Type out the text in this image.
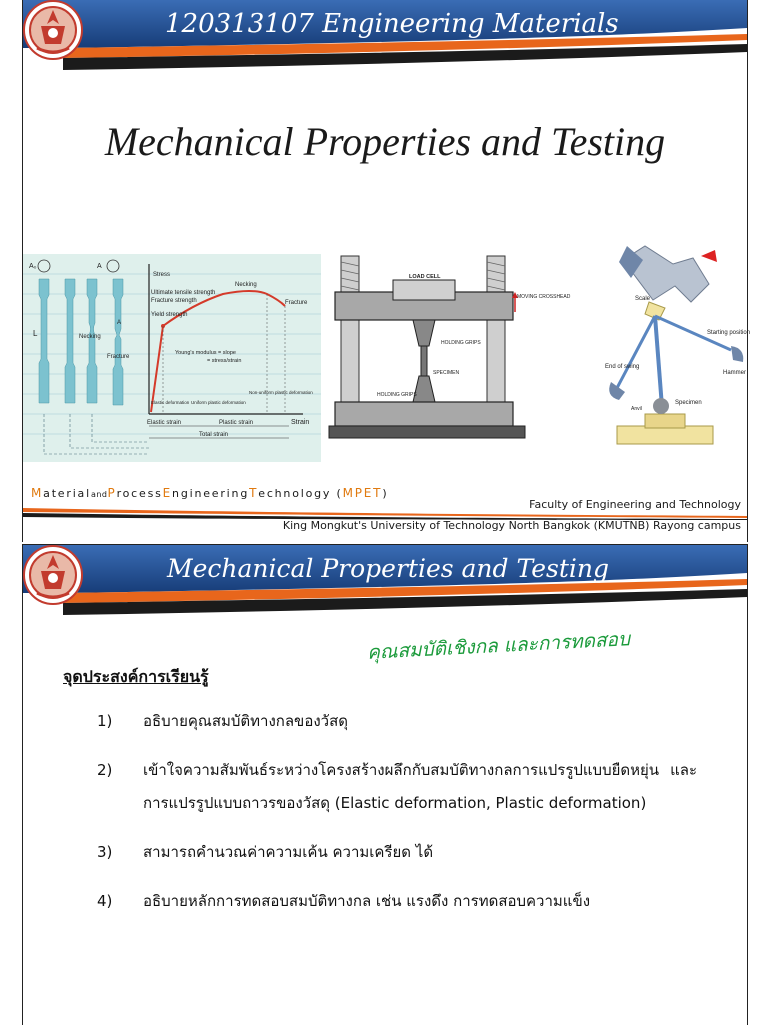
120313107 Engineering Materials
Mechanical Properties and Testing
A₀	A
L	Necking
A
Fracture
Stress
Strain
Ultimate tensile strength
Fracture strength
Yield strength
Necking
Fracture
Young's modulus = slope
= stress/strain
Elastic deformation Uniform plastic deformation
Non-uniform plastic deformation
Elastic strain	Plastic strain
Total strain
LOAD CELL
MOVING CROSSHEAD
HOLDING GRIPS
SPECIMEN
HOLDING GRIPS
Scale
Starting position
Hammer
End of swing
Specimen
Anvil
MaterialandProcessEngineeringTechnology (MPET)
Faculty of Engineering and Technology
King Mongkut's University of Technology North Bangkok (KMUTNB) Rayong campus
Mechanical Properties and Testing
คุณสมบัติเชิงกล และการทดสอบ
จุดประสงค์การเรียนรู้
1) อธิบายคุณสมบัติทางกลของวัสดุ
2) เข้าใจความสัมพันธ์ระหว่างโครงสร้างผลึกกับสมบัติทางกลการแปรรูปแบบยืดหยุ่น และการแปรรูปแบบถาวรของวัสดุ (Elastic deformation, Plastic deformation)
3) สามารถคำนวณค่าความเค้น ความเครียด ได้
4) อธิบายหลักการทดสอบสมบัติทางกล เช่น แรงดึง การทดสอบความแข็ง
